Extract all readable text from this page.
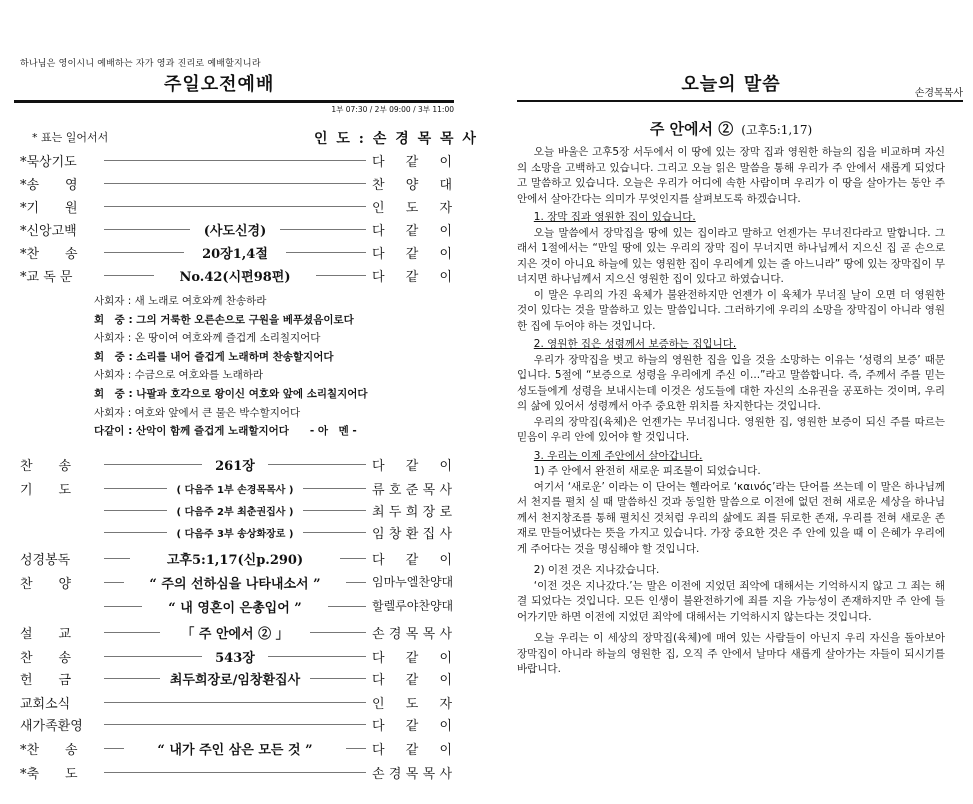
하나님은 영이시니 예배하는 자가 영과 진리로 예배할지니라
주일오전예배
1부 07:30 / 2부 09:00 / 3부 11:00
* 표는 일어서서	인 도 : 손 경 목 목 사
*묵상기도	다 같 이
*송　　영	찬 양 대
*기　　원	인 도 자
*신앙고백	(사도신경)	다 같 이
*찬　　송	20장1,4절	다 같 이
*교 독 문	No.42(시편98편)	다 같 이
사회자 : 새 노래로 여호와께 찬송하라
회　중 : 그의 거룩한 오른손으로 구원을 베푸셨음이로다
사회자 : 온 땅이여 여호와께 즐겁게 소리칠지어다
회　중 : 소리를 내어 즐겁게 노래하며 찬송할지어다
사회자 : 수금으로 여호와를 노래하라
회　중 : 나팔과 호각으로 왕이신 여호와 앞에 소리칠지어다
사회자 : 여호와 앞에서 큰 물은 박수할지어다
다같이 : 산악이 함께 즐겁게 노래할지어다　　- 아　멘 -
찬　　송	261장	다 같 이
기　　도	( 다음주 1부 손경목목사 )	류 호 준 목 사
( 다음주 2부 최춘권집사 )	최 두 희 장 로
( 다음주 3부 송상화장로 )	임 창 환 집 사
성경봉독	고후5:1,17(신p.290)	다 같 이
찬　　양	“ 주의 선하심을 나타내소서 ”	임마누엘찬양대
“ 내 영혼이 은총입어 ”	할렐루야찬양대
설　　교	「 주 안에서 ② 」	손 경 목 목 사
찬　　송	543장	다 같 이
헌　　금	최두희장로/임창환집사	다 같 이
교회소식	인 도 자
새가족환영	다 같 이
*찬　　송	“ 내가 주인 삼은 모든 것 ”	다 같 이
*축　　도	손 경 목 목 사
오늘의 말씀	손경목목사
주 안에서 ② (고후5:1,17)

오늘 바울은 고후5장 서두에서 이 땅에 있는 장막 집과 영원한 하늘의 집을 비교하며 자신의 소망을 고백하고 있습니다. 그리고 오늘 읽은 말씀을 통해 우리가 주 안에서 새롭게 되었다고 말씀하고 있습니다. 오늘은 우리가 어디에 속한 사람이며 우리가 이 땅을 살아가는 동안 주 안에서 살아간다는 의미가 무엇인지를 살펴보도록 하겠습니다.

1. 장막 집과 영원한 집이 있습니다.

오늘 말씀에서 장막집을 땅에 있는 집이라고 말하고 언젠가는 무너진다라고 말합니다. 그래서 1절에서는 “만일 땅에 있는 우리의 장막 집이 무너지면 하나님께서 지으신 집 곧 손으로 지은 것이 아니요 하늘에 있는 영원한 집이 우리에게 있는 줄 아느니라” 땅에 있는 장막집이 무너지면 하나님께서 지으신 영원한 집이 있다고 하였습니다.

이 말은 우리의 가진 육체가 불완전하지만 언젠가 이 육체가 무너질 날이 오면 더 영원한 것이 있다는 것을 말씀하고 있는 말씀입니다. 그러하기에 우리의 소망을 장막집이 아니라 영원한 집에 두어야 하는 것입니다.

2. 영원한 집은 성령께서 보증하는 집입니다.

우리가 장막집을 벗고 하늘의 영원한 집을 입을 것을 소망하는 이유는 ‘성령의 보증’ 때문입니다. 5절에 “보증으로 성령을 우리에게 주신 이...”라고 말씀합니다. 즉, 주께서 주를 믿는 성도들에게 성령을 보내시는데 이것은 성도들에 대한 자신의 소유권을 공포하는 것이며, 우리의 삶에 있어서 성령께서 아주 중요한 위치를 차지한다는 것입니다.

우리의 장막집(육체)은 언젠가는 무너집니다. 영원한 집, 영원한 보증이 되신 주를 따르는 믿음이 우리 안에 있어야 할 것입니다.

3. 우리는 이제 주안에서 살아갑니다.

1) 주 안에서 완전히 새로운 피조물이 되었습니다.

여기서 ‘새로운’ 이라는 이 단어는 헬라어로 ‘καινός’라는 단어를 쓰는데 이 말은 하나님께서 천지를 펼치 실 때 말씀하신 것과 동일한 말씀으로 이전에 없던 전혀 새로운 세상을 하나님께서 천지창조를 통해 펼치신 것처럼 우리의 삶에도 죄를 뒤로한 존재, 우리를 전혀 새로운 존재로 만들어냈다는 뜻을 가지고 있습니다. 가장 중요한 것은 주 안에 있을 때 이 은혜가 우리에게 주어다는 것을 명심해야 할 것입니다.

2) 이전 것은 지나갔습니다.

‘이전 것은 지나갔다.’는 말은 이전에 지었던 죄악에 대해서는 기억하시지 않고 그 죄는 해결 되었다는 것입니다. 모든 인생이 불완전하기에 죄를 지을 가능성이 존재하지만 주 안에 들어가기만 하면 이전에 지었던 죄악에 대해서는 기억하시지 않는다는 것입니다.

오늘 우리는 이 세상의 장막집(육체)에 매여 있는 사람들이 아닌지 우리 자신을 돌아보아 장막집이 아니라 하늘의 영원한 집, 오직 주 안에서 날마다 새롭게 살아가는 자들이 되시기를 바랍니다.
